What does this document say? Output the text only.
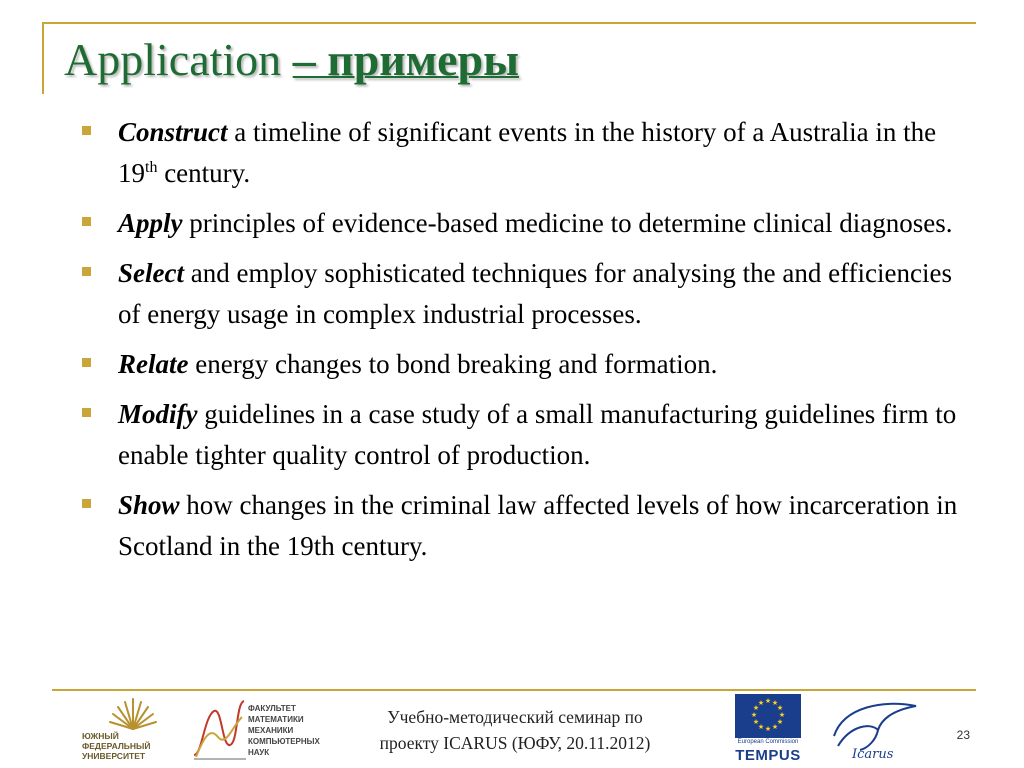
Application – примеры
Construct a timeline of significant events in the history of a Australia in the 19th century.
Apply principles of evidence-based medicine to determine clinical diagnoses.
Select and employ sophisticated techniques for analysing the and efficiencies of energy usage in complex industrial processes.
Relate energy changes to bond breaking and formation.
Modify guidelines in a case study of a small manufacturing guidelines firm to enable tighter quality control of production.
Show how changes in the criminal law affected levels of how incarceration in Scotland in the 19th century.
ЮЖНЫЙ
ФЕДЕРАЛЬНЫЙ
УНИВЕРСИТЕТ
ФАКУЛЬТЕТ
МАТЕМАТИКИ
МЕХАНИКИ
КОМПЬЮТЕРНЫХ
НАУК
Учебно-методический семинар по
проекту ICARUS (ЮФУ, 20.11.2012)
★ ★
★
★
★
★
★
★
★
★
★
★
European Commission
TEMPUS	Icarus
23
